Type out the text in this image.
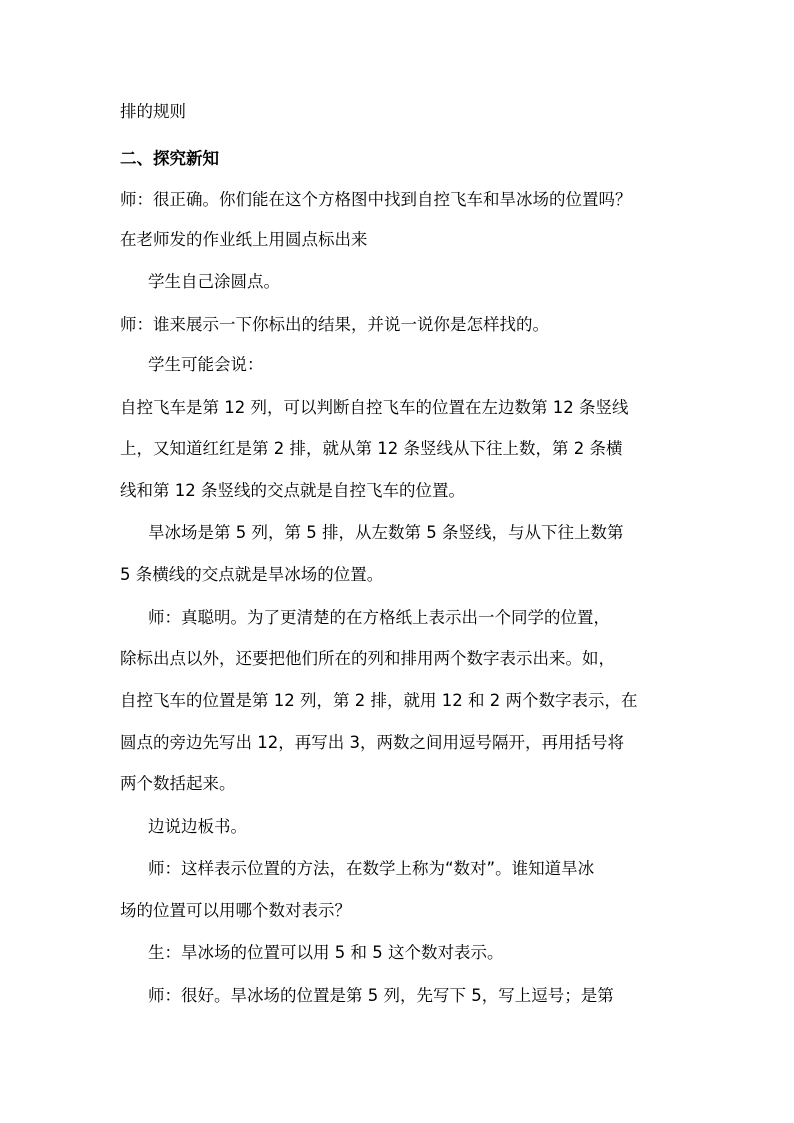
排的规则
二、探究新知
师：很正确。你们能在这个方格图中找到自控飞车和旱冰场的位置吗？
在老师发的作业纸上用圆点标出来
学生自己涂圆点。
师：谁来展示一下你标出的结果，并说一说你是怎样找的。
学生可能会说：
自控飞车是第 12 列，可以判断自控飞车的位置在左边数第 12 条竖线
上，又知道红红是第 2 排，就从第 12 条竖线从下往上数，第 2 条横
线和第 12 条竖线的交点就是自控飞车的位置。
旱冰场是第 5 列，第 5 排，从左数第 5 条竖线，与从下往上数第
5 条横线的交点就是旱冰场的位置。
师：真聪明。为了更清楚的在方格纸上表示出一个同学的位置，
除标出点以外，还要把他们所在的列和排用两个数字表示出来。如，
自控飞车的位置是第 12 列，第 2 排，就用 12 和 2 两个数字表示，在
圆点的旁边先写出 12，再写出 3，两数之间用逗号隔开，再用括号将
两个数括起来。
边说边板书。
师：这样表示位置的方法，在数学上称为“数对”。谁知道旱冰
场的位置可以用哪个数对表示？
生：旱冰场的位置可以用 5 和 5 这个数对表示。
师：很好。旱冰场的位置是第 5 列，先写下 5，写上逗号；是第
